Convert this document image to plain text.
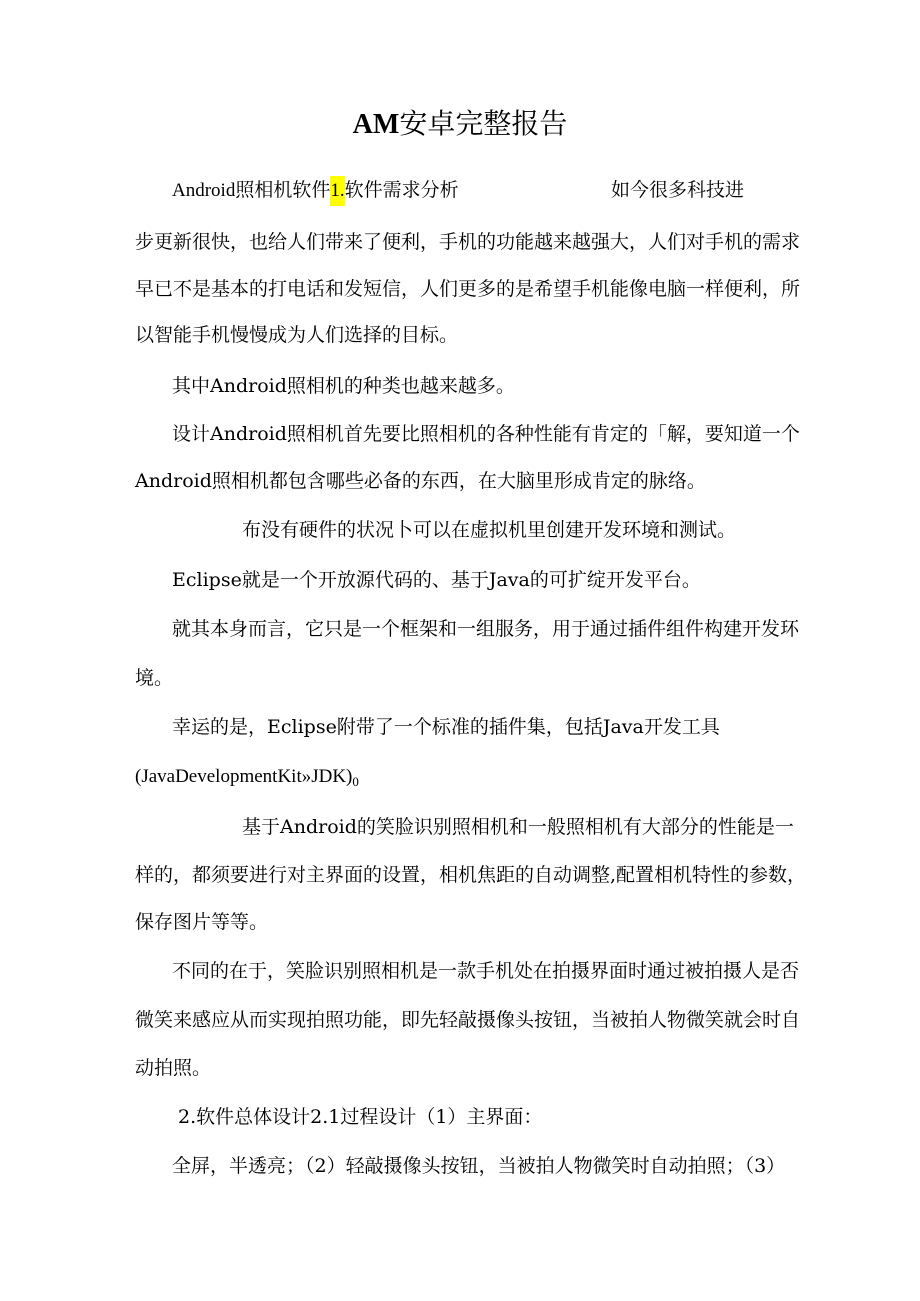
AM安卓完整报告
Android照相机软件1.软件需求分析	如今很多科技进
步更新很快，也给人们带来了便利，手机的功能越来越强大，人们对手机的需求
早已不是基本的打电话和发短信，人们更多的是希望手机能像电脑一样便利，所
以智能手机慢慢成为人们选择的目标。
其中Android照相机的种类也越来越多。
设计Android照相机首先要比照相机的各种性能有肯定的「解，要知道一个
Android照相机都包含哪些必备的东西，在大脑里形成肯定的脉络。
布没有硬件的状况卜可以在虚拟机里创建开发环境和测试。
Eclipse就是一个开放源代码的、基于Java的可扩绽开发平台。
就其本身而言，它只是一个框架和一组服务，用于通过插件组件构建开发环
境。
幸运的是，Eclipse附带了一个标准的插件集，包括Java开发工具
$(JavaDevelopmentKit»JDK)_0$
基于Android的笑脸识别照相机和一般照相机有大部分的性能是一
样的，都须要进行对主界面的设置，相机焦距的自动调整,配置相机特性的参数，
保存图片等等。
不同的在于，笑脸识别照相机是一款手机处在拍摄界面时通过被拍摄人是否
微笑来感应从而实现拍照功能，即先轻敲摄像头按钮，当被拍人物微笑就会时自
动拍照。
2.软件总体设计2.1过程设计（1）主界面：
全屏，半透亮；（2）轻敲摄像头按钮，当被拍人物微笑时自动拍照；（3）
